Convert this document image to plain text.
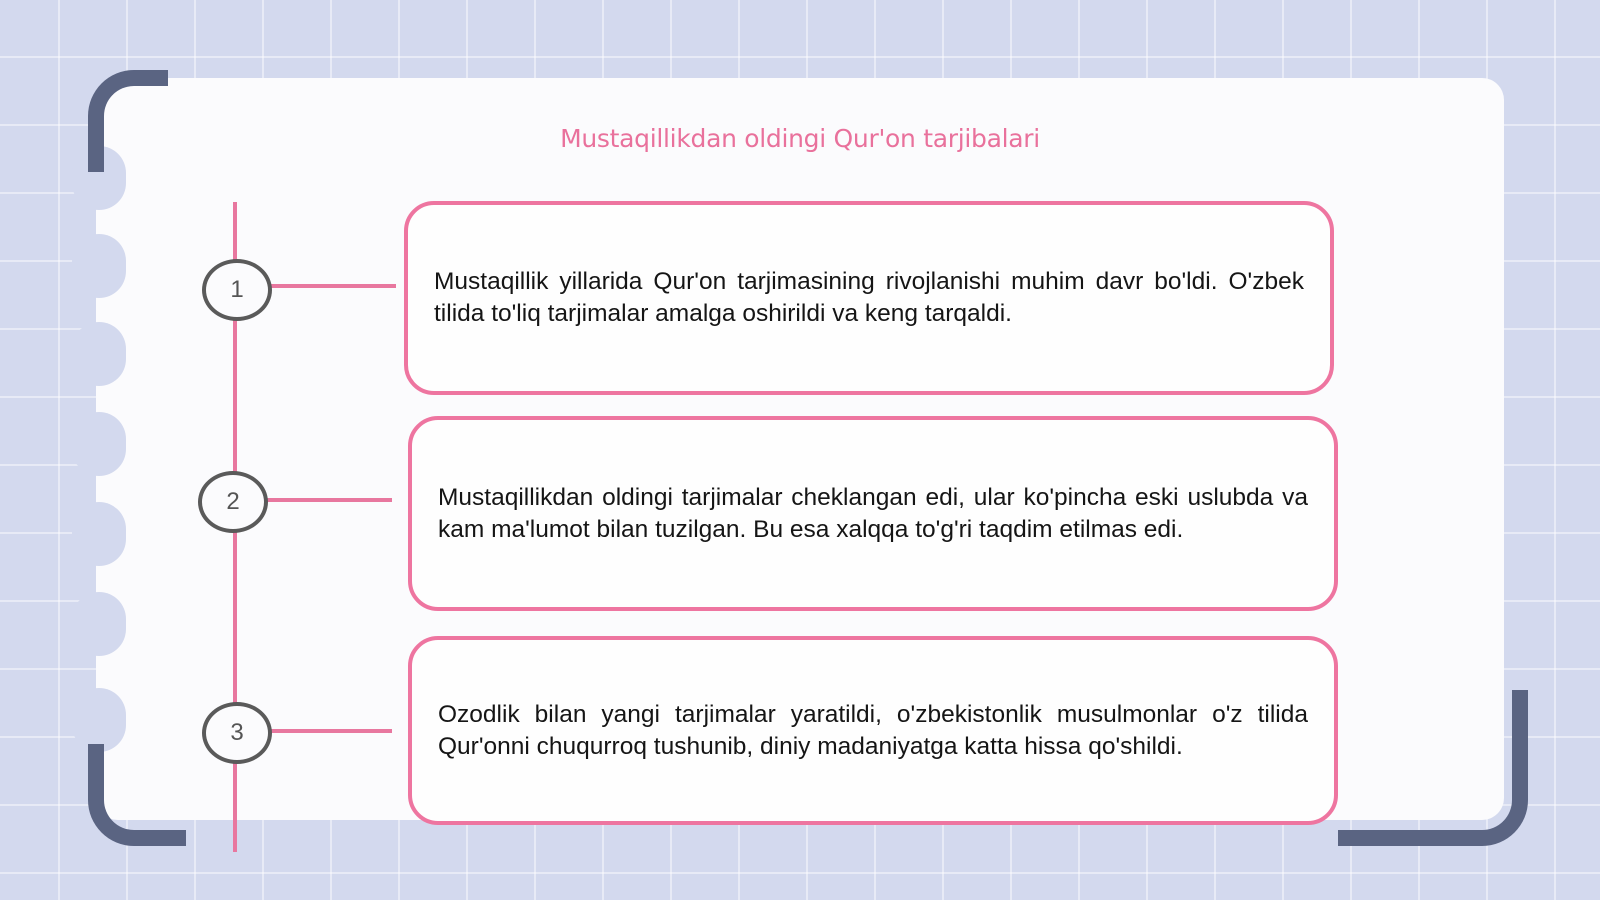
Mustaqillikdan oldingi Qur'on tarjibalari
1
2
3

Mustaqillik yillarida Qur'on tarjimasining rivojlanishi muhim davr bo'ldi. O'zbek tilida to'liq tarjimalar amalga oshirildi va keng tarqaldi.

Mustaqillikdan oldingi tarjimalar cheklangan edi, ular ko'pincha eski uslubda va kam ma'lumot bilan tuzilgan. Bu esa xalqqa to'g'ri taqdim etilmas edi.

Ozodlik bilan yangi tarjimalar yaratildi, o'zbekistonlik musulmonlar o'z tilida Qur'onni chuqurroq tushunib, diniy madaniyatga katta hissa qo'shildi.
